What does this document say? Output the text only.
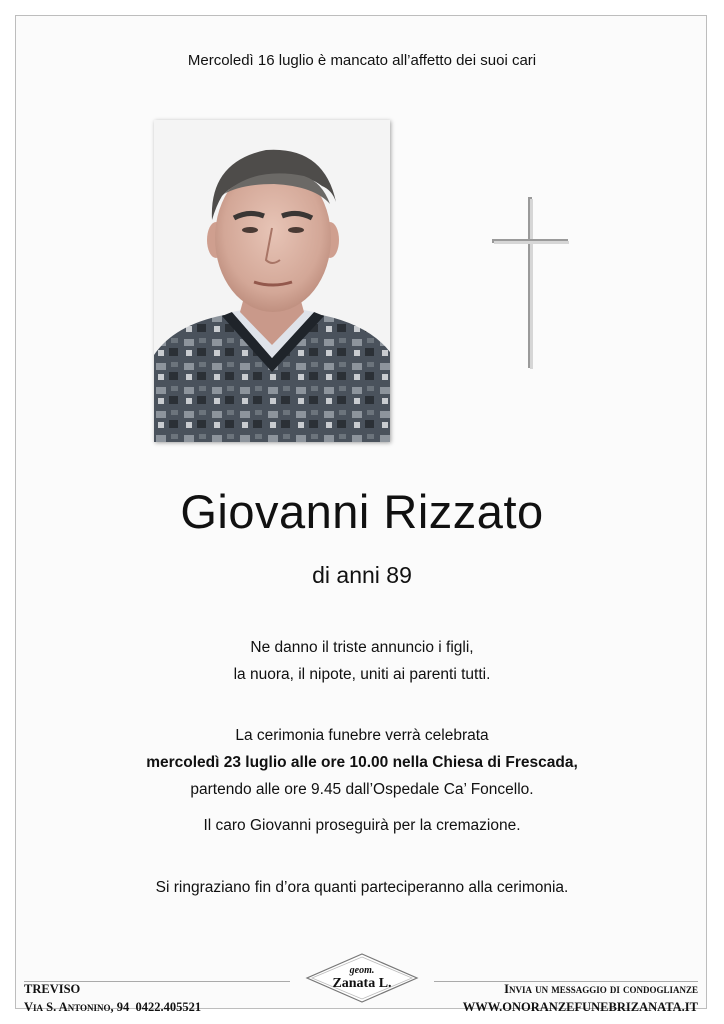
Mercoledì 16 luglio è mancato all’affetto dei suoi cari
Giovanni Rizzato
di anni 89
Ne danno il triste annuncio i figli,
la nuora, il nipote, uniti ai parenti tutti.
La cerimonia funebre verrà celebrata
mercoledì 23 luglio alle ore 10.00 nella Chiesa di Frescada,
partendo alle ore 9.45 dall’Ospedale Ca’ Foncello.
Il caro Giovanni proseguirà per la cremazione.
Si ringraziano fin d’ora quanti parteciperanno alla cerimonia.
TREVISO
Via S. Antonino, 94 0422.405521
geom.
Zanata L.	Invia un messaggio di condoglianze
WWW.ONORANZEFUNEBRIZANATA.IT
